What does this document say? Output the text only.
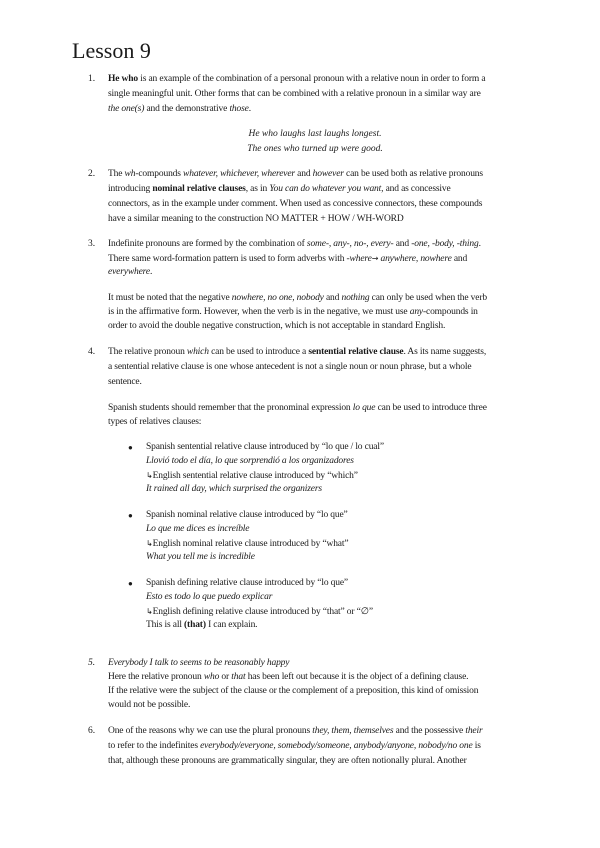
Lesson 9
1. He who is an example of the combination of a personal pronoun with a relative noun in order to form a
single meaningful unit. Other forms that can be combined with a relative pronoun in a similar way are
the one(s) and the demonstrative those.
He who laughs last laughs longest.
The ones who turned up were good.
2. The wh-compounds whatever, whichever, wherever and however can be used both as relative pronouns
introducing nominal relative clauses, as in You can do whatever you want, and as concessive
connectors, as in the example under comment. When used as concessive connectors, these compounds
have a similar meaning to the construction NO MATTER + HOW / WH-WORD
3. Indefinite pronouns are formed by the combination of some-, any-, no-, every- and -one, -body, -thing.
There same word-formation pattern is used to form adverbs with -where→ anywhere, nowhere and
everywhere.
It must be noted that the negative nowhere, no one, nobody and nothing can only be used when the verb
is in the affirmative form. However, when the verb is in the negative, we must use any-compounds in
order to avoid the double negative construction, which is not acceptable in standard English.
4. The relative pronoun which can be used to introduce a sentential relative clause. As its name suggests,
a sentential relative clause is one whose antecedent is not a single noun or noun phrase, but a whole
sentence.
Spanish students should remember that the pronominal expression lo que can be used to introduce three
types of relatives clauses:
● Spanish sentential relative clause introduced by “lo que / lo cual”
Llovió todo el día, lo que sorprendió a los organizadores
↳English sentential relative clause introduced by “which”
It rained all day, which surprised the organizers
● Spanish nominal relative clause introduced by “lo que”
Lo que me dices es increíble
↳English nominal relative clause introduced by “what”
What you tell me is incredible
● Spanish defining relative clause introduced by “lo que”
Esto es todo lo que puedo explicar
↳English defining relative clause introduced by “that” or “∅”
This is all (that) I can explain.
5. Everybody I talk to seems to be reasonably happy
Here the relative pronoun who or that has been left out because it is the object of a defining clause.
If the relative were the subject of the clause or the complement of a preposition, this kind of omission
would not be possible.
6. One of the reasons why we can use the plural pronouns they, them, themselves and the possessive their
to refer to the indefinites everybody/everyone, somebody/someone, anybody/anyone, nobody/no one is
that, although these pronouns are grammatically singular, they are often notionally plural. Another
